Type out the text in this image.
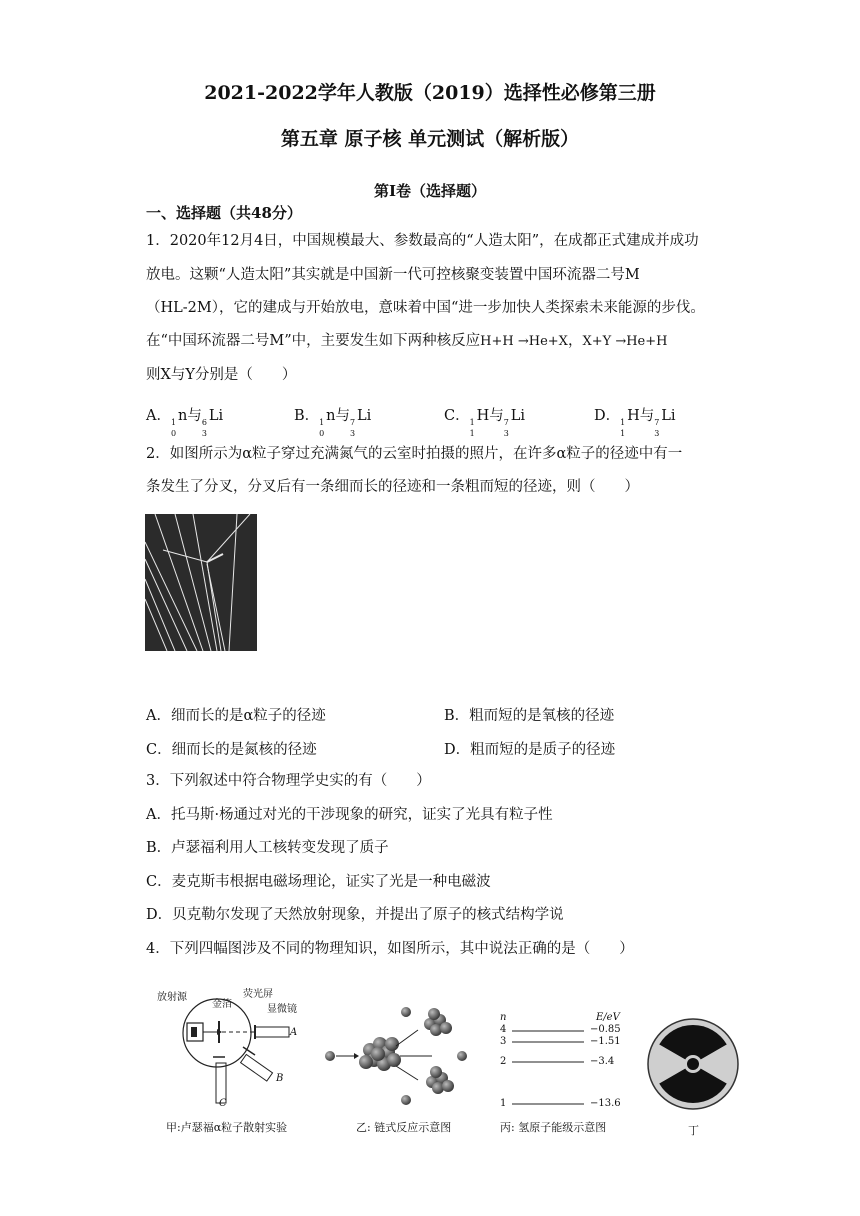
2021-2022学年人教版（2019）选择性必修第三册
第五章 原子核 单元测试（解析版）
第Ⅰ卷（选择题）
一、选择题（共48分）
1．2020年12月4日，中国规模最大、参数最高的“人造太阳”，在成都正式建成并成功
放电。这颗“人造太阳”其实就是中国新一代可控核聚变装置中国环流器二号M
（HL-2M），它的建成与开始放电，意味着中国“进一步加快人类探索未来能源的步伐。
在“中国环流器二号M”中，主要发生如下两种核反应H+H →He+X，X+Y →He+H
则X与Y分别是（　　）
A． 1
0
n与 6
3
Li	B． 1
0
n与 7
3
Li	C． 1
1
H与 7
3
Li	D． 1
1
H与 7
3
Li
2．如图所示为α粒子穿过充满氮气的云室时拍摄的照片，在许多α粒子的径迹中有一
条发生了分叉，分叉后有一条细而长的径迹和一条粗而短的径迹，则（　　）
A．细而长的是α粒子的径迹	B．粗而短的是氧核的径迹
C．细而长的是氮核的径迹	D．粗而短的是质子的径迹
3．下列叙述中符合物理学史实的有（　　）
A．托马斯·杨通过对光的干涉现象的研究，证实了光具有粒子性
B．卢瑟福利用人工核转变发现了质子
C．麦克斯韦根据电磁场理论，证实了光是一种电磁波
D．贝克勒尔发现了天然放射现象，并提出了原子的核式结构学说
4．下列四幅图涉及不同的物理知识，如图所示，其中说法正确的是（　　）
放射源
金箔
荧光屏
显微镜
A
B
C
甲:卢瑟福α粒子散射实验	乙: 链式反应示意图
n	E/eV
4	−0.85
3	−1.51
2	−3.4
1	−13.6
丙: 氢原子能级示意图	丁
